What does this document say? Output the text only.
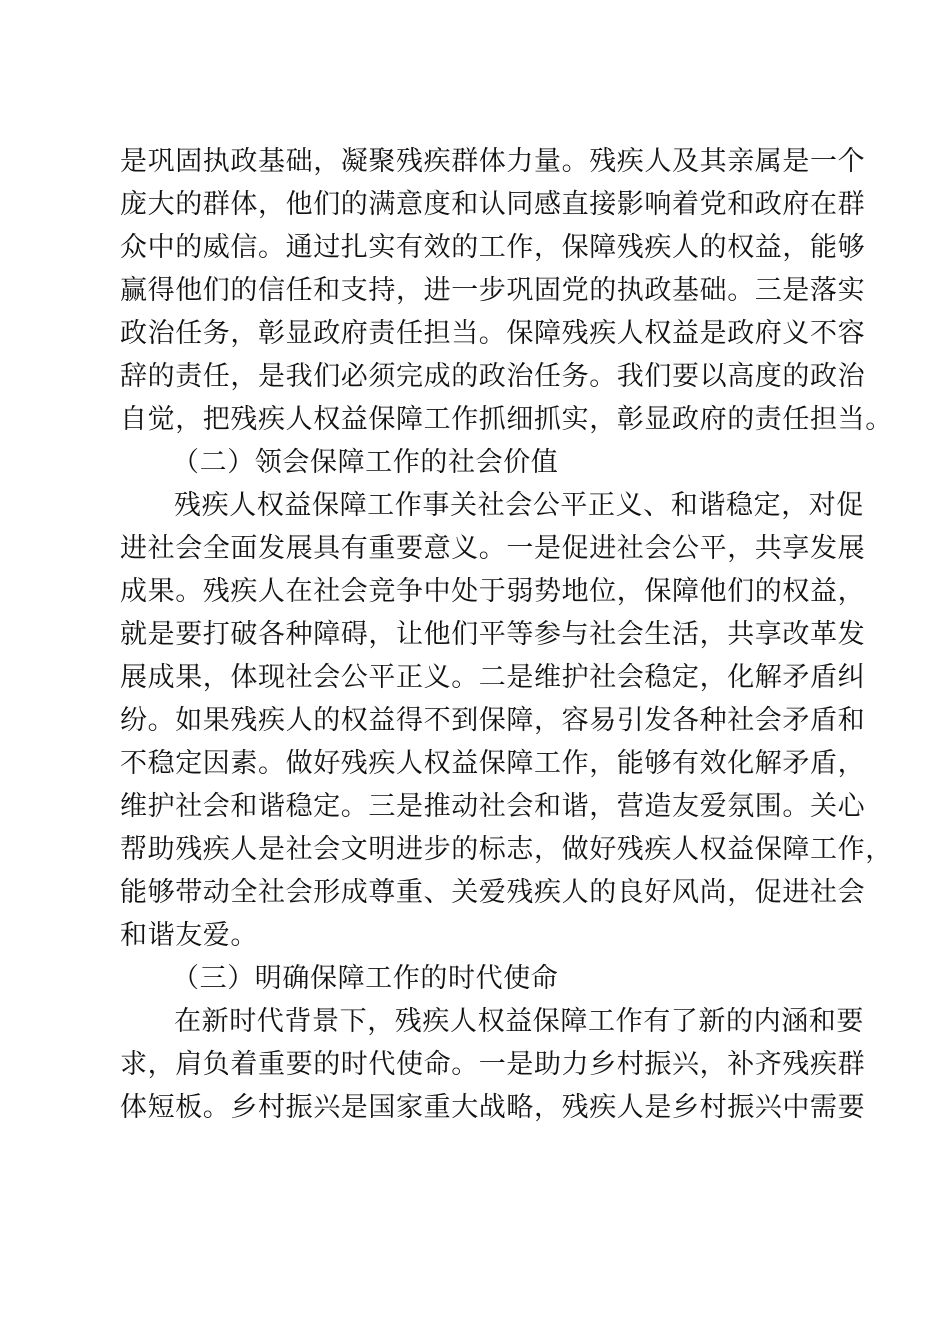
是巩固执政基础，凝聚残疾群体力量。残疾人及其亲属是一个
庞大的群体，他们的满意度和认同感直接影响着党和政府在群
众中的威信。通过扎实有效的工作，保障残疾人的权益，能够
赢得他们的信任和支持，进一步巩固党的执政基础。三是落实
政治任务，彰显政府责任担当。保障残疾人权益是政府义不容
辞的责任，是我们必须完成的政治任务。我们要以高度的政治
自觉，把残疾人权益保障工作抓细抓实，彰显政府的责任担当。
（二）领会保障工作的社会价值
残疾人权益保障工作事关社会公平正义、和谐稳定，对促
进社会全面发展具有重要意义。一是促进社会公平，共享发展
成果。残疾人在社会竞争中处于弱势地位，保障他们的权益，
就是要打破各种障碍，让他们平等参与社会生活，共享改革发
展成果，体现社会公平正义。二是维护社会稳定，化解矛盾纠
纷。如果残疾人的权益得不到保障，容易引发各种社会矛盾和
不稳定因素。做好残疾人权益保障工作，能够有效化解矛盾，
维护社会和谐稳定。三是推动社会和谐，营造友爱氛围。关心
帮助残疾人是社会文明进步的标志，做好残疾人权益保障工作，
能够带动全社会形成尊重、关爱残疾人的良好风尚，促进社会
和谐友爱。
（三）明确保障工作的时代使命
在新时代背景下，残疾人权益保障工作有了新的内涵和要
求，肩负着重要的时代使命。一是助力乡村振兴，补齐残疾群
体短板。乡村振兴是国家重大战略，残疾人是乡村振兴中需要
